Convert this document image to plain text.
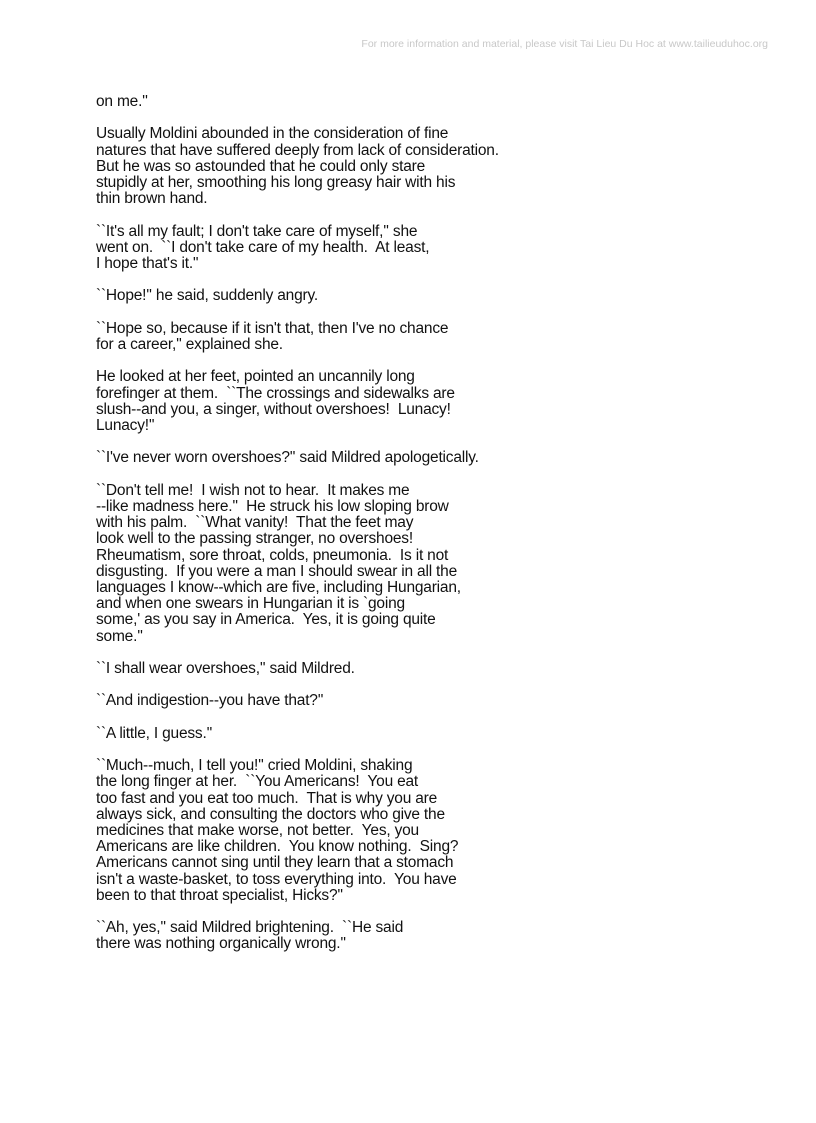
For more information and material, please visit Tai Lieu Du Hoc at www.tailieuduhoc.org

on me.''

Usually Moldini abounded in the consideration of fine
natures that have suffered deeply from lack of consideration.
But he was so astounded that he could only stare
stupidly at her, smoothing his long greasy hair with his
thin brown hand.

``It's all my fault; I don't take care of myself,'' she
went on.  ``I don't take care of my health.  At least,
I hope that's it.''

``Hope!'' he said, suddenly angry.

``Hope so, because if it isn't that, then I've no chance
for a career,'' explained she.

He looked at her feet, pointed an uncannily long
forefinger at them.  ``The crossings and sidewalks are
slush--and you, a singer, without overshoes!  Lunacy!
Lunacy!''

``I've never worn overshoes?'' said Mildred apologetically.

``Don't tell me!  I wish not to hear.  It makes me
--like madness here.''  He struck his low sloping brow
with his palm.  ``What vanity!  That the feet may
look well to the passing stranger, no overshoes!
Rheumatism, sore throat, colds, pneumonia.  Is it not
disgusting.  If you were a man I should swear in all the
languages I know--which are five, including Hungarian,
and when one swears in Hungarian it is `going
some,' as you say in America.  Yes, it is going quite
some.''

``I shall wear overshoes,'' said Mildred.

``And indigestion--you have that?''

``A little, I guess.''

``Much--much, I tell you!'' cried Moldini, shaking
the long finger at her.  ``You Americans!  You eat
too fast and you eat too much.  That is why you are
always sick, and consulting the doctors who give the
medicines that make worse, not better.  Yes, you
Americans are like children.  You know nothing.  Sing?
Americans cannot sing until they learn that a stomach
isn't a waste-basket, to toss everything into.  You have
been to that throat specialist, Hicks?''

``Ah, yes,'' said Mildred brightening.  ``He said
there was nothing organically wrong.''
